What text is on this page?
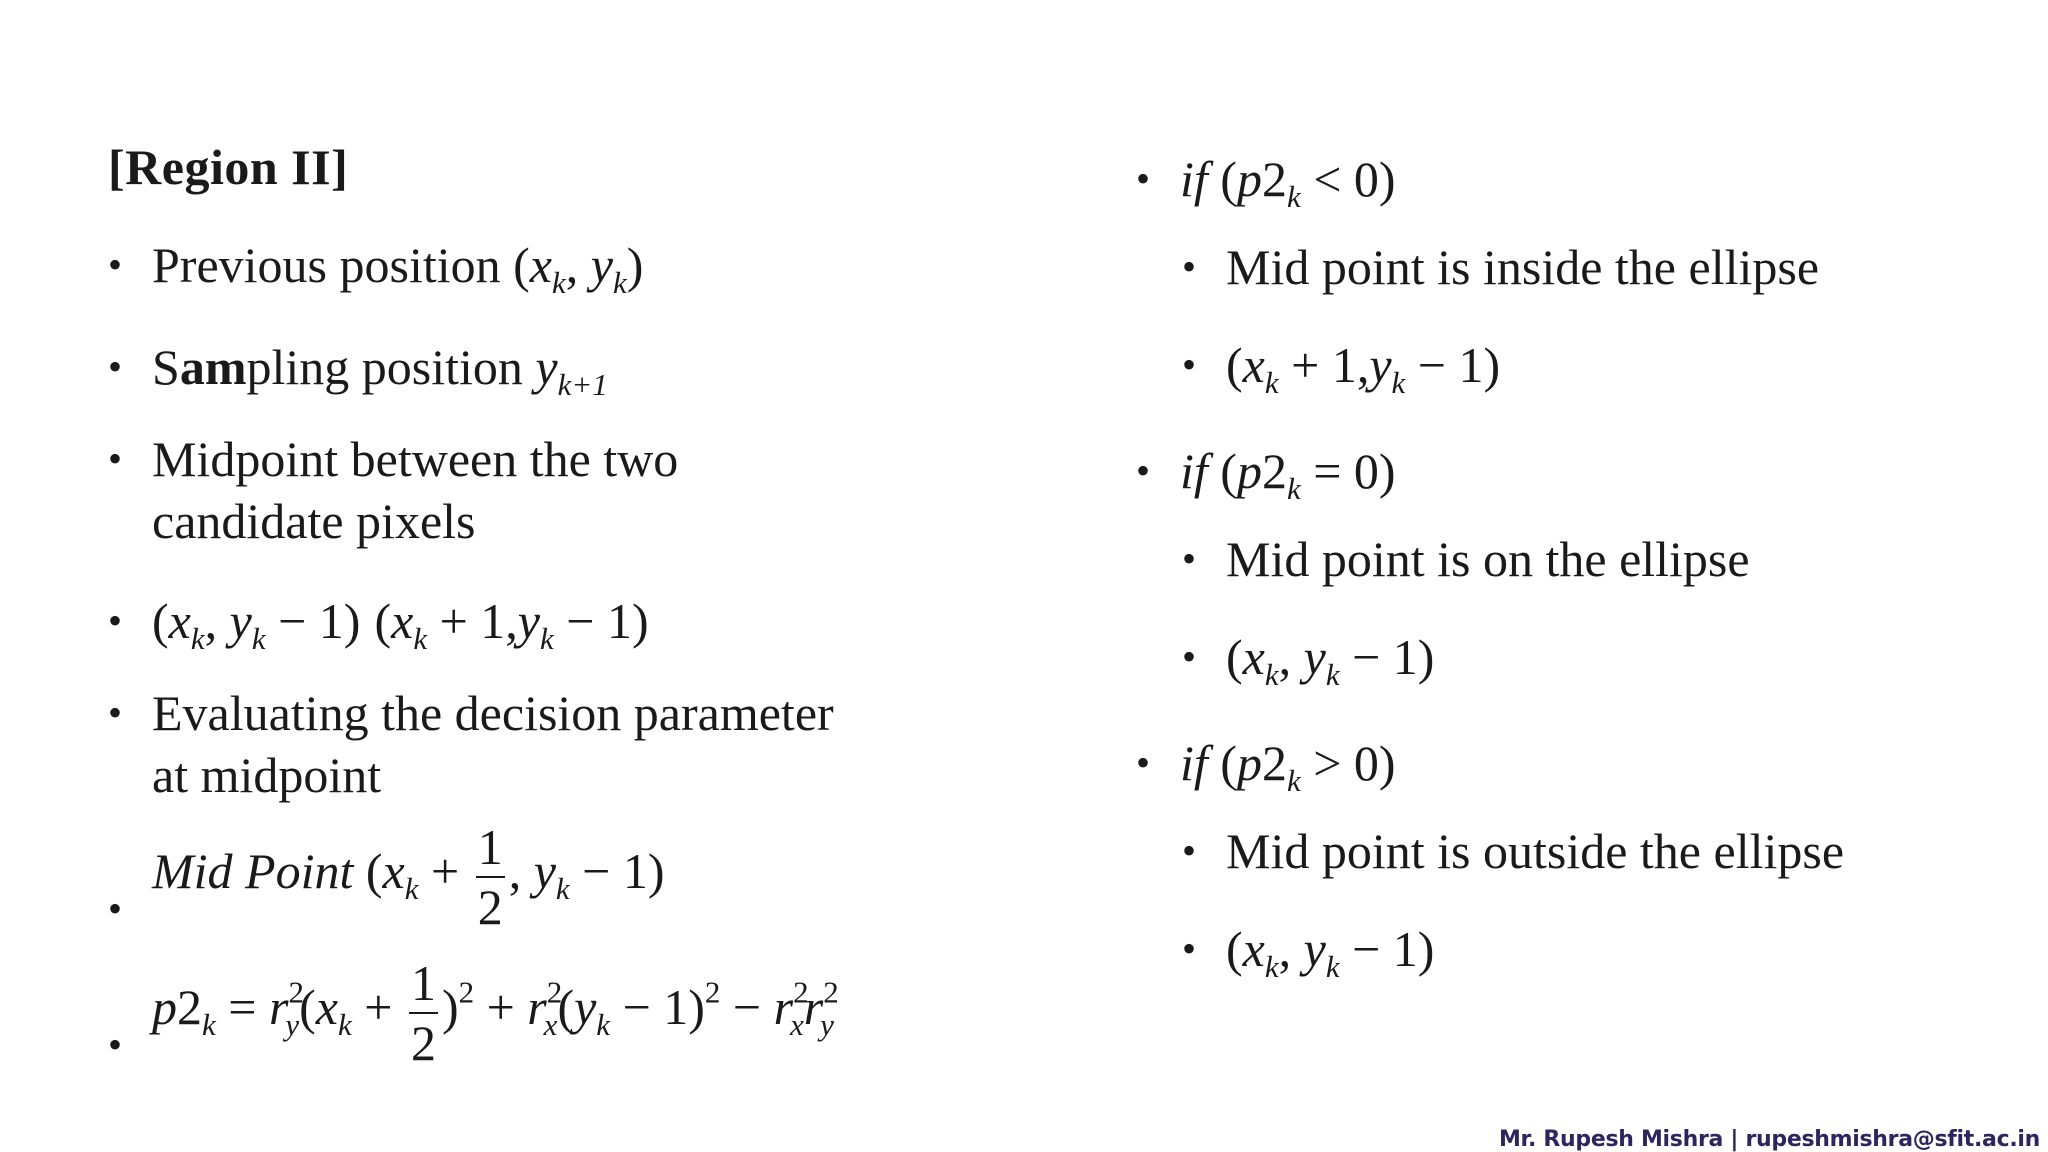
[Region II]
• Previous position ($x_k$, $y_k$)
• Sampling position $y_{k+1}$
• Midpoint between the two
candidate pixels
• ($x_k$, $y_k - 1$) $(x_k + 1,y_k - 1)$
• Evaluating the decision parameter
at midpoint
•
Mid Point ($x_k + \frac{1}{2}$ , $y_k - 1$)
•
$p2_k = r^2_y(x_k + \frac{1}{2} )^2 + r^2_x(y_k - 1)^2 - r^2_xr^2_y$
• if $(p2_k < 0)$
• Mid point is inside the ellipse
• $(x_k + 1,y_k - 1)$
• if $(p2_k = 0)$
• Mid point is on the ellipse
• ($x_k$, $y_k - 1$)
• if $(p2_k > 0)$
• Mid point is outside the ellipse
• ($x_k$, $y_k - 1$)
Mr. Rupesh Mishra | rupeshmishra@sfit.ac.in
